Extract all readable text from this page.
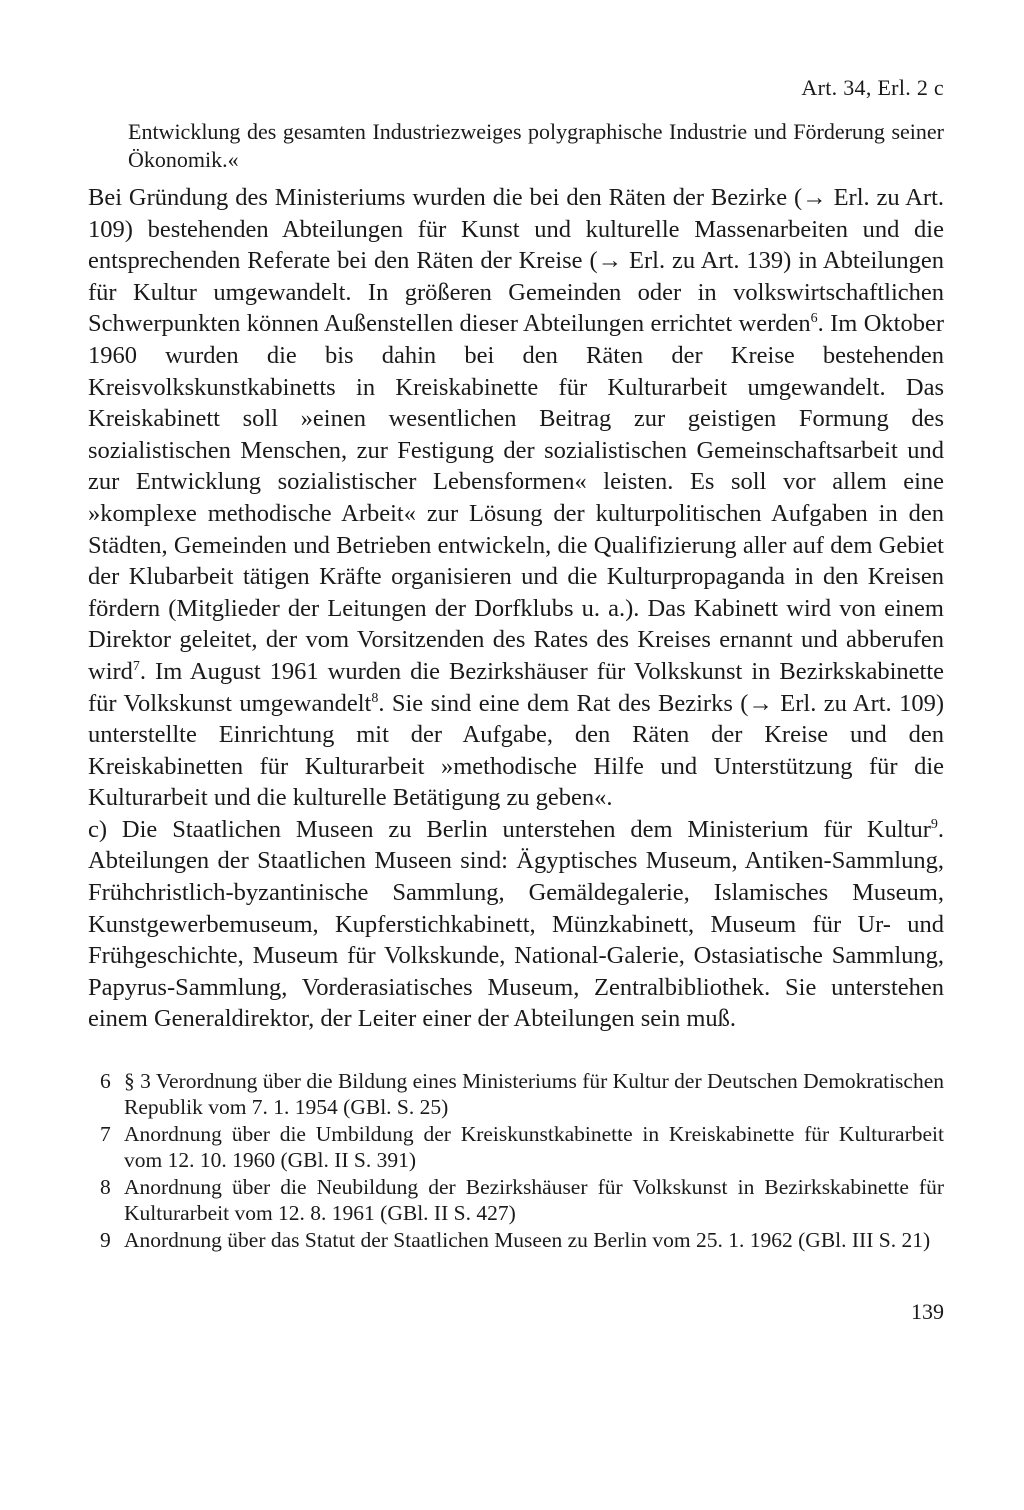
Art. 34, Erl. 2 c
Entwicklung des gesamten Industriezweiges polygraphische Industrie und Förderung seiner Ökonomik.«

Bei Gründung des Ministeriums wurden die bei den Räten der Bezirke (→ Erl. zu Art. 109) bestehenden Abteilungen für Kunst und kulturelle Massenarbeiten und die entsprechenden Referate bei den Räten der Kreise (→ Erl. zu Art. 139) in Abteilungen für Kultur umgewandelt. In größeren Gemeinden oder in volkswirtschaftlichen Schwerpunkten können Außenstellen dieser Abteilungen errichtet werden$^6$. Im Oktober 1960 wurden die bis dahin bei den Räten der Kreise bestehenden Kreisvolkskunstkabinetts in Kreiskabinette für Kulturarbeit umgewandelt. Das Kreiskabinett soll »einen wesentlichen Beitrag zur geistigen Formung des sozialistischen Menschen, zur Festigung der sozialistischen Gemeinschaftsarbeit und zur Entwicklung sozialistischer Lebensformen« leisten. Es soll vor allem eine »komplexe methodische Arbeit« zur Lösung der kulturpolitischen Aufgaben in den Städten, Gemeinden und Betrieben entwickeln, die Qualifizierung aller auf dem Gebiet der Klubarbeit tätigen Kräfte organisieren und die Kulturpropaganda in den Kreisen fördern (Mitglieder der Leitungen der Dorfklubs u. a.). Das Kabinett wird von einem Direktor geleitet, der vom Vorsitzenden des Rates des Kreises ernannt und abberufen wird$^7$. Im August 1961 wurden die Bezirkshäuser für Volkskunst in Bezirkskabinette für Volkskunst umgewandelt$^8$. Sie sind eine dem Rat des Bezirks (→ Erl. zu Art. 109) unterstellte Einrichtung mit der Aufgabe, den Räten der Kreise und den Kreiskabinetten für Kulturarbeit »methodische Hilfe und Unterstützung für die Kulturarbeit und die kulturelle Betätigung zu geben«.

c) Die Staatlichen Museen zu Berlin unterstehen dem Ministerium für Kultur$^9$. Abteilungen der Staatlichen Museen sind: Ägyptisches Museum, Antiken-Sammlung, Frühchristlich-byzantinische Sammlung, Gemäldegalerie, Islamisches Museum, Kunstgewerbemuseum, Kupferstichkabinett, Münzkabinett, Museum für Ur- und Frühgeschichte, Museum für Volkskunde, National-Galerie, Ostasiatische Sammlung, Papyrus-Sammlung, Vorderasiatisches Museum, Zentralbibliothek. Sie unterstehen einem Generaldirektor, der Leiter einer der Abteilungen sein muß.

6 § 3 Verordnung über die Bildung eines Ministeriums für Kultur der Deutschen Demokratischen Republik vom 7. 1. 1954 (GBl. S. 25)
7 Anordnung über die Umbildung der Kreiskunstkabinette in Kreiskabinette für Kulturarbeit vom 12. 10. 1960 (GBl. II S. 391)
8 Anordnung über die Neubildung der Bezirkshäuser für Volkskunst in Bezirkskabinette für Kulturarbeit vom 12. 8. 1961 (GBl. II S. 427)
9 Anordnung über das Statut der Staatlichen Museen zu Berlin vom 25. 1. 1962 (GBl. III S. 21)
139
